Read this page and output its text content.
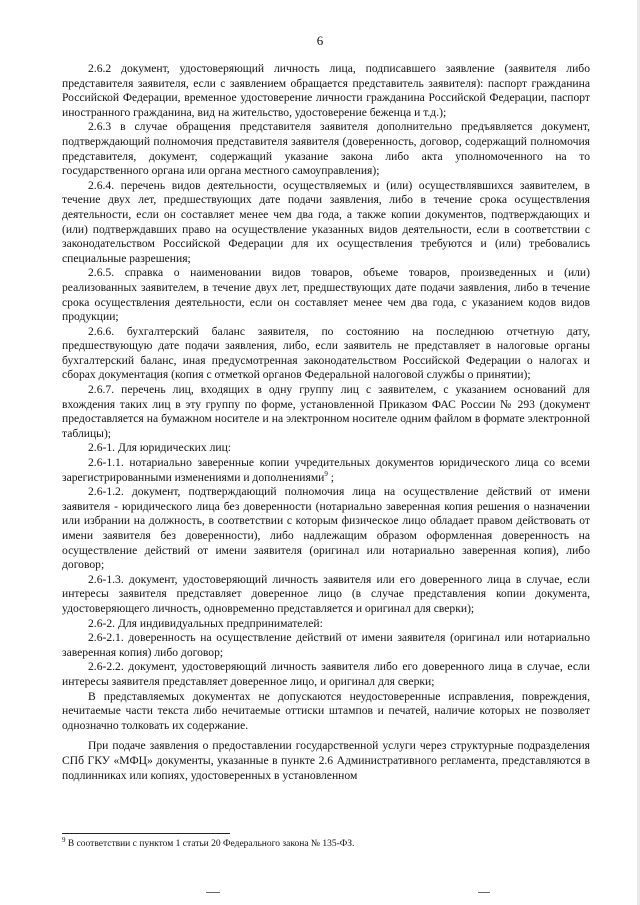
6

2.6.2 документ, удостоверяющий личность лица, подписавшего заявление (заявителя либо представителя заявителя, если с заявлением обращается представитель заявителя): паспорт гражданина Российской Федерации, временное удостоверение личности гражданина Российской Федерации, паспорт иностранного гражданина, вид на жительство, удостоверение беженца и т.д.);

2.6.3 в случае обращения представителя заявителя дополнительно предъявляется документ, подтверждающий полномочия представителя заявителя (доверенность, договор, содержащий полномочия представителя, документ, содержащий указание закона либо акта уполномоченного на то государственного органа или органа местного самоуправления);

2.6.4. перечень видов деятельности, осуществляемых и (или) осуществлявшихся заявителем, в течение двух лет, предшествующих дате подачи заявления, либо в течение срока осуществления деятельности, если он составляет менее чем два года, а также копии документов, подтверждающих и (или) подтверждавших право на осуществление указанных видов деятельности, если в соответствии с законодательством Российской Федерации для их осуществления требуются и (или) требовались специальные разрешения;

2.6.5. справка о наименовании видов товаров, объеме товаров, произведенных и (или) реализованных заявителем, в течение двух лет, предшествующих дате подачи заявления, либо в течение срока осуществления деятельности, если он составляет менее чем два года, с указанием кодов видов продукции;

2.6.6. бухгалтерский баланс заявителя, по состоянию на последнюю отчетную дату, предшествующую дате подачи заявления, либо, если заявитель не представляет в налоговые органы бухгалтерский баланс, иная предусмотренная законодательством Российской Федерации о налогах и сборах документация (копия с отметкой органов Федеральной налоговой службы о принятии);

2.6.7. перечень лиц, входящих в одну группу лиц с заявителем, с указанием оснований для вхождения таких лиц в эту группу по форме, установленной Приказом ФАС России № 293 (документ предоставляется на бумажном носителе и на электронном носителе одним файлом в формате электронной таблицы);

2.6-1. Для юридических лиц:

2.6-1.1. нотариально заверенные копии учредительных документов юридического лица со всеми зарегистрированными изменениями и дополнениями$^9$ ;

2.6-1.2. документ, подтверждающий полномочия лица на осуществление действий от имени заявителя - юридического лица без доверенности (нотариально заверенная копия решения о назначении или избрании на должность, в соответствии с которым физическое лицо обладает правом действовать от имени заявителя без доверенности), либо надлежащим образом оформленная доверенность на осуществление действий от имени заявителя (оригинал или нотариально заверенная копия), либо договор;

2.6-1.3. документ, удостоверяющий личность заявителя или его доверенного лица в случае, если интересы заявителя представляет доверенное лицо (в случае представления копии документа, удостоверяющего личность, одновременно представляется и оригинал для сверки);

2.6-2. Для индивидуальных предпринимателей:

2.6-2.1. доверенность на осуществление действий от имени заявителя (оригинал или нотариально заверенная копия) либо договор;

2.6-2.2. документ, удостоверяющий личность заявителя либо его доверенного лица в случае, если интересы заявителя представляет доверенное лицо, и оригинал для сверки;

В представляемых документах не допускаются неудостоверенные исправления, повреждения, нечитаемые части текста либо нечитаемые оттиски штампов и печатей, наличие которых не позволяет однозначно толковать их содержание.

При подаче заявления о предоставлении государственной услуги через структурные подразделения СПб ГКУ «МФЦ» документы, указанные в пункте 2.6 Административного регламента, представляются в подлинниках или копиях, удостоверенных в установленном

$^9$ В соответствии с пунктом 1 статьи 20 Федерального закона № 135-ФЗ.
